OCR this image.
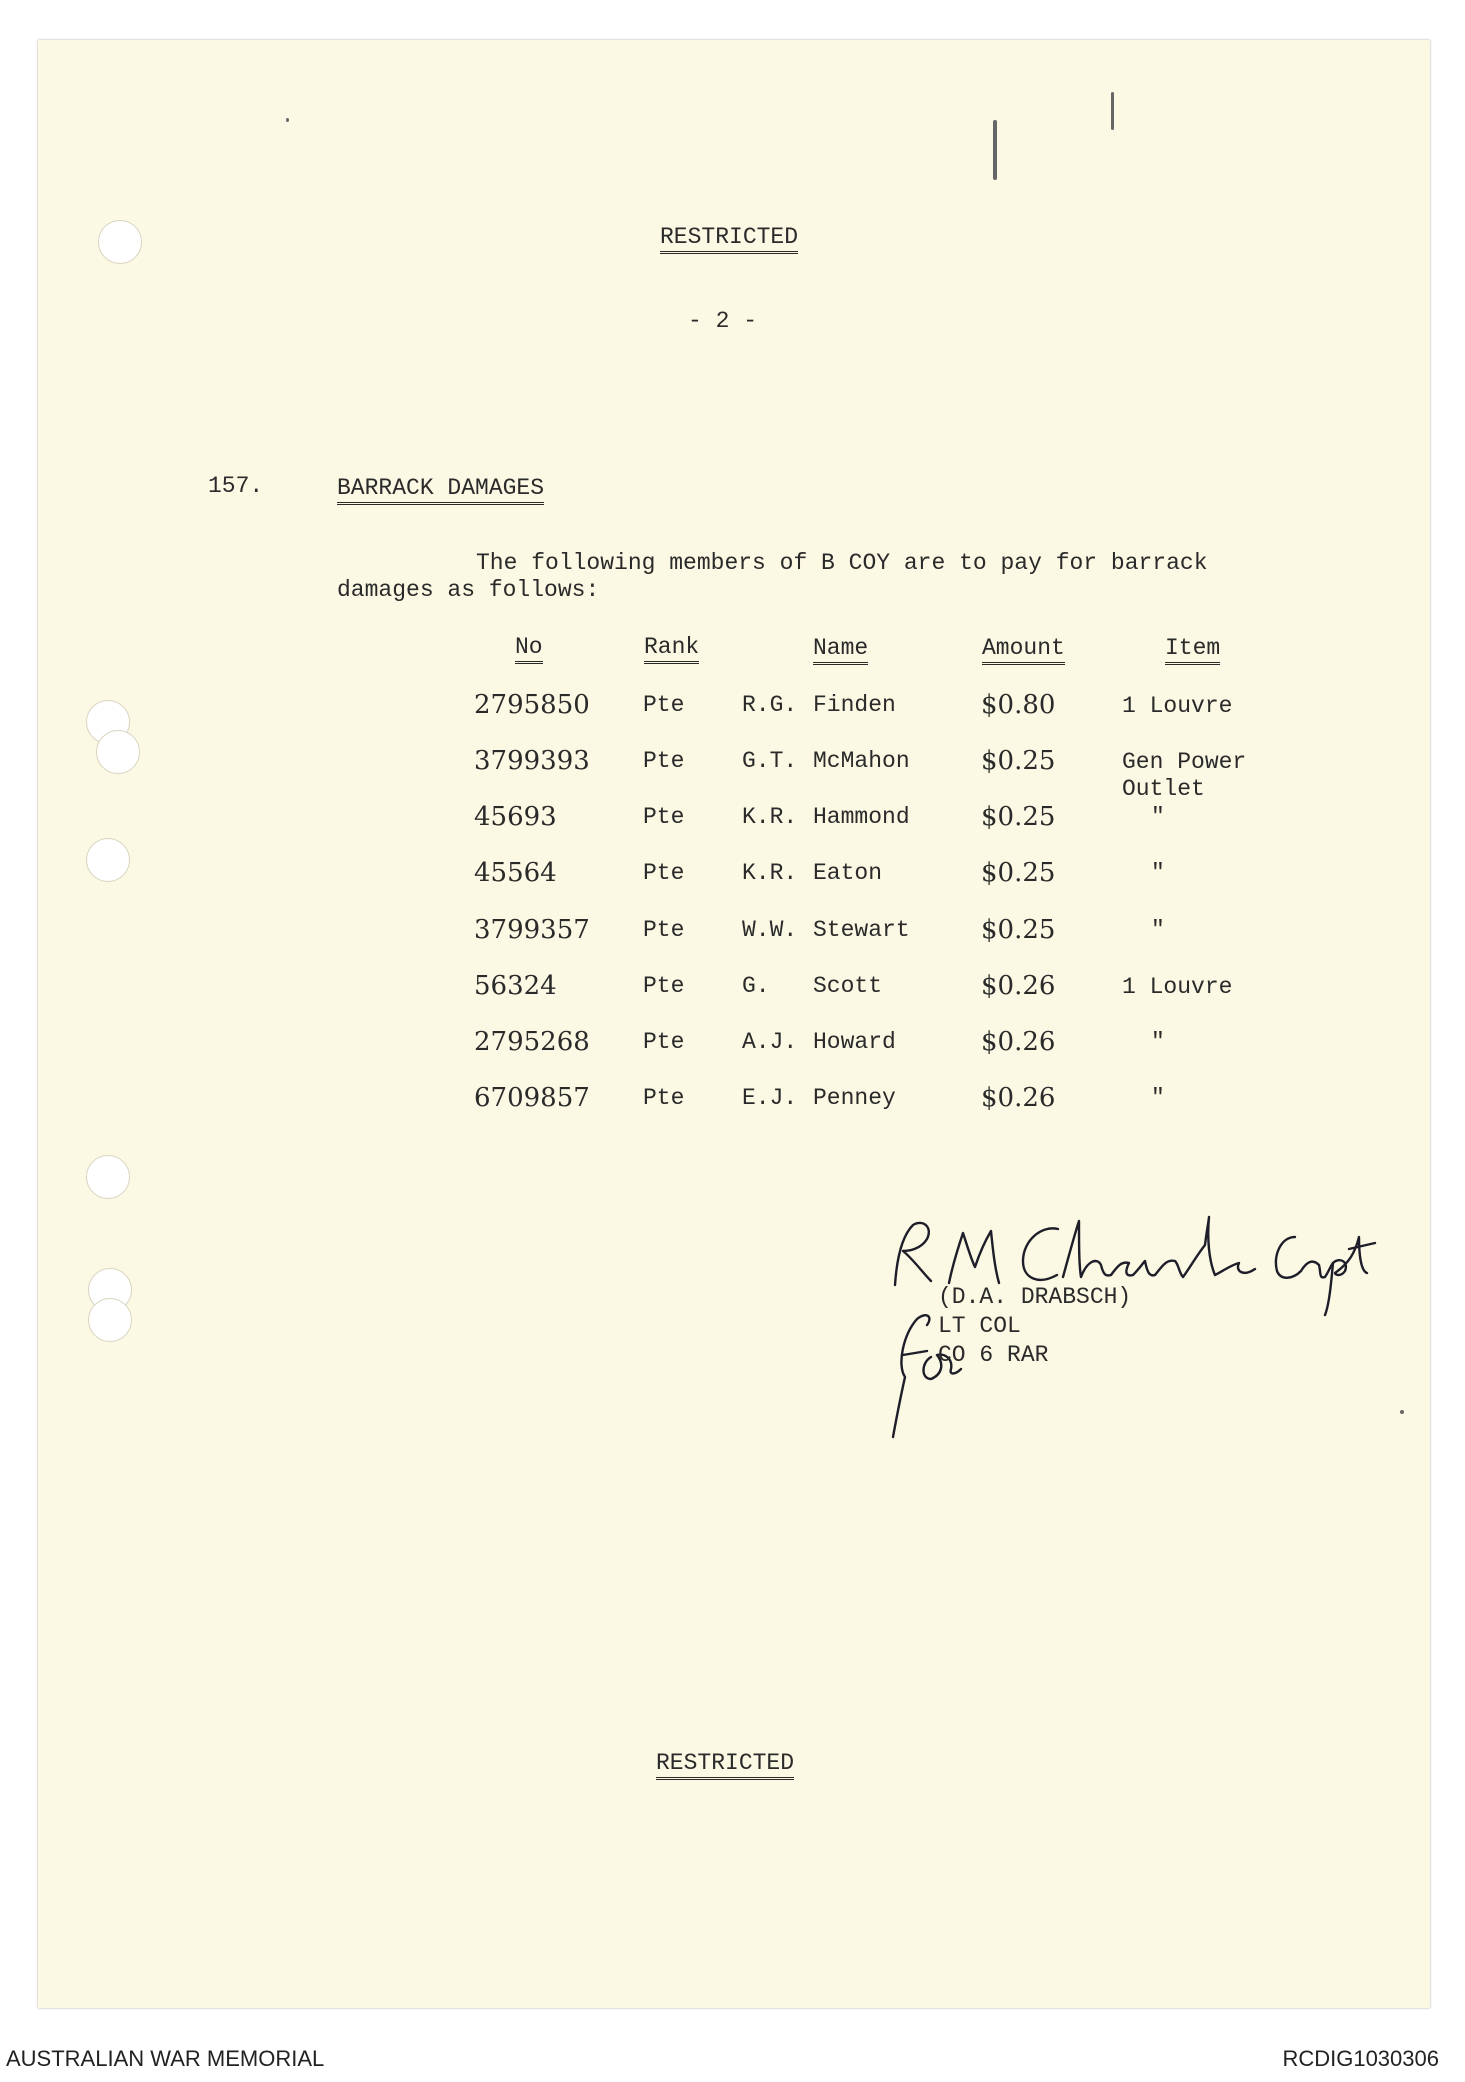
RESTRICTED
- 2 -
157.	BARRACK DAMAGES
The following members of B COY are to pay for barrack
damages as follows:
No	Rank	Name	Amount	Item
2795850 Pte	R.G. Finden	$0.80	1 Louvre
3799393 Pte	G.T. McMahon	$0.25	Gen Power
Outlet
45693	Pte	K.R. Hammond	$0.25	"
45564	Pte	K.R. Eaton	$0.25	"
3799357 Pte	W.W. Stewart	$0.25	"
56324	Pte	G. Scott	$0.26	1 Louvre
2795268 Pte	A.J. Howard	$0.26	"
6709857 Pte	E.J. Penney	$0.26	"
(D.A. DRABSCH)
LT COL
CO 6 RAR
RESTRICTED
AUSTRALIAN WAR MEMORIAL	RCDIG1030306
